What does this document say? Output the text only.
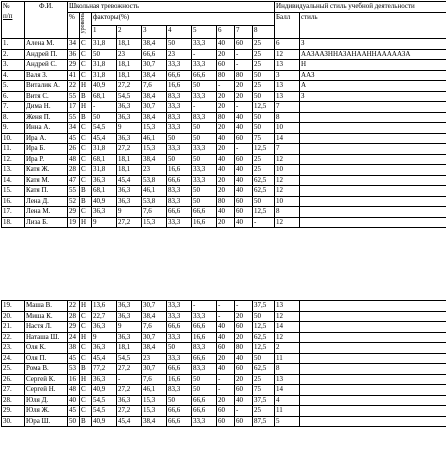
№
п/п	Ф.И.	Школьная тревожность										Индивидуальный стиль учебной деятельности	
		%	уровень	факторы(%)								Балл	стиль
				1	2	3	4	5	6	7	8		
1.	Алена М.	34	С	31,8	18,1	38,4	50	33,3	40	60	25	6	З
2.	Андрей П.	36	С	50	23	66,6	23	-	20	-	25	12	ААЗААЗННАЗАНААННАААААЗА
3.	Андрей С.	29	С	31,8	18,1	30,7	33,3	33,3	60	-	25	13	Н
4.	Валя З.	41	С	31,8	18,1	38,4	66,6	66,6	80	80	50	3	ААЗ
5.	Виталик А.	22	Н	40,9	27,2	7,6	16,6	50	-	20	25	13	А
6.	Витя С.	55	В	68,1	54,5	38,4	83,3	33,3	20	20	50	13	З
7.	Дима Н.	17	Н	-	36,3	30,7	33,3	-	20	-	12,5	7	
8.	Женя П.	55	В	50	36,3	38,4	83,3	83,3	80	40	50	8	
9.	Инна А.	34	С	54,5	9	15,3	33,3	50	20	40	50	10	
10.	Ира А.	45	С	45,4	36,3	46,1	50	50	40	60	75	14	
11.	Ира Б.	26	С	31,8	27,2	15,3	33,3	33,3	20	-	12,5	7	
12.	Ира Р.	48	С	68,1	18,1	38,4	50	50	40	60	25	12	
13.	Катя Ж.	28	С	31,8	18,1	23	16,6	33,3	40	40	25	10	
14.	Катя М.	47	С	36,3	45,4	53,8	66,6	33,3	20	40	62,5	12	
15.	Катя П.	55	В	68,1	36,3	46,1	83,3	50	20	40	62,5	12	
16.	Лена Д.	52	В	40,9	36,3	53,8	83,3	50	80	60	50	10	
17.	Лена М.	29	С	36,3	9	7,6	66,6	66,6	40	60	12,5	8	
18.	Лиза Б.	19	Н	9	27,2	15,3	33,3	16,6	20	40	-	12	
19.	Маша В.	22	Н	13,6	36,3	30,7	33,3	-	-	-	37,5	13	
20.	Миша К.	28	С	22,7	36,3	38,4	33,3	33,3	-	20	50	12	
21.	Настя Л.	29	С	36,3	9	7,6	66,6	66,6	40	60	12,5	14	
22.	Наташа Ш.	24	Н	9	36,3	30,7	33,3	16,6	40	20	62,5	12	
23.	Оля К.	38	С	36,3	18,1	38,4	50	83,3	60	80	12,5	2	
24.	Оля П.	45	С	45,4	54,5	23	33,3	66,6	20	40	50	11	
25.	Рома В.	53	В	77,2	27,2	30,7	66,6	83,3	40	60	62,5	8	
26.	Сергей К.	16	Н	36,3	-	7,6	16,6	50	-	20	25	13	
27.	Сергей Н.	48	С	40,9	27,2	46,1	83,3	50	-	60	75	14	
28.	Юля Д.	40	С	54,5	36,3	15,3	50	66,6	20	40	37,5	4	
29.	Юля Ж.	45	С	54,5	27,2	15,3	66,6	66,6	60	-	25	11	
30.	Юра Ш.	50	В	40,9	45,4	38,4	66,6	33,3	60	60	87,5	5	
